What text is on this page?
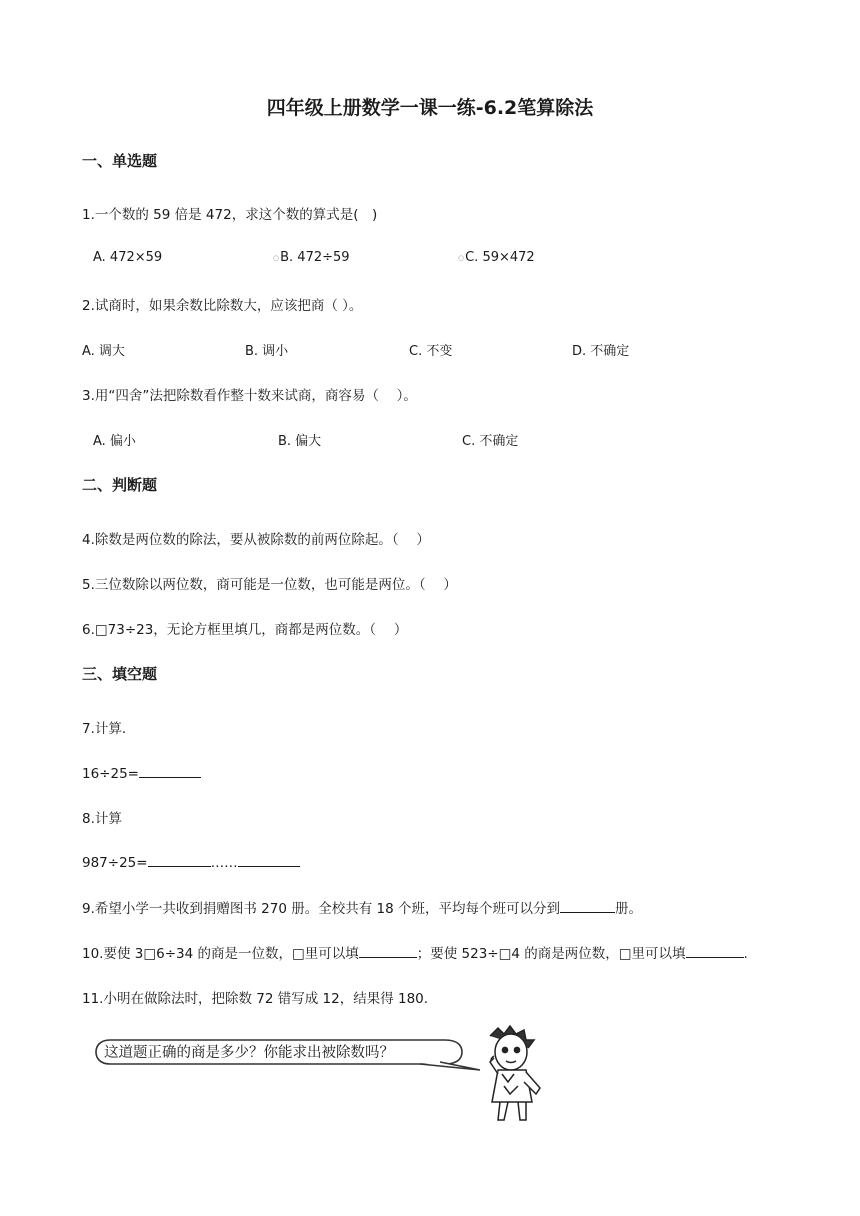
四年级上册数学一课一练-6.2笔算除法
一、单选题
1.一个数的 59 倍是 472，求这个数的算式是(　)
A. 472×59	○B. 472÷59	○C. 59×472
2.试商时，如果余数比除数大，应该把商（ ）。
A. 调大	B. 调小	C. 不变	D. 不确定
3.用“四舍”法把除数看作整十数来试商，商容易（　 ）。
A. 偏小	B. 偏大	C. 不确定
二、判断题
4.除数是两位数的除法，要从被除数的前两位除起。（　 ）
5.三位数除以两位数，商可能是一位数，也可能是两位。（　 ）
6.□73÷23，无论方框里填几，商都是两位数。（　 ）
三、填空题
7.计算.
16÷25=
8.计算
987÷25=	……
9.希望小学一共收到捐赠图书 270 册。全校共有 18 个班，平均每个班可以分到	册。
10.要使 3□6÷34 的商是一位数，□里可以填	；要使 523÷□4 的商是两位数，□里可以填	.
11.小明在做除法时，把除数 72 错写成 12，结果得 180.
这道题正确的商是多少？你能求出被除数吗？
